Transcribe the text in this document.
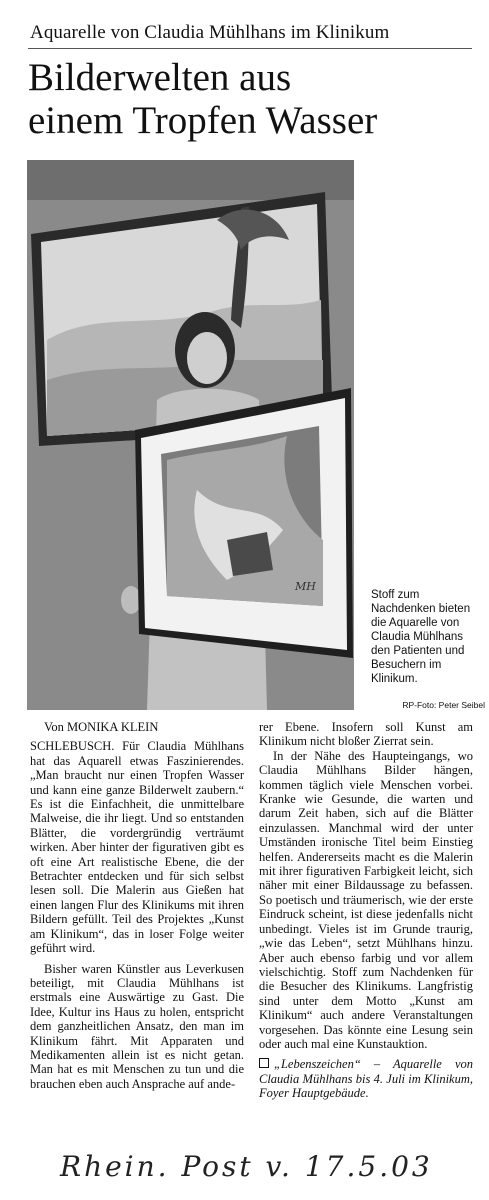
Aquarelle von Claudia Mühlhans im Klinikum
Bilderwelten aus
einem Tropfen Wasser
MH
Stoff zum Nachdenken bieten die Aquarelle von Claudia Mühlhans den Patienten und Besuchern im Klinikum.
RP-Foto: Peter Seibel

Von MONIKA KLEIN

SCHLEBUSCH. Für Claudia Mühlhans hat das Aquarell etwas Faszinierendes. „Man braucht nur einen Tropfen Wasser und kann eine ganze Bilderwelt zaubern.“ Es ist die Einfachheit, die unmittelbare Malweise, die ihr liegt. Und so entstanden Blätter, die vordergründig verträumt wirken. Aber hinter der figurativen gibt es oft eine Art realistische Ebene, die der Betrachter entdecken und für sich selbst lesen soll. Die Malerin aus Gießen hat einen langen Flur des Klinikums mit ihren Bildern gefüllt. Teil des Projektes „Kunst am Klinikum“, das in loser Folge weiter geführt wird.

Bisher waren Künstler aus Leverkusen beteiligt, mit Claudia Mühlhans ist erstmals eine Auswärtige zu Gast. Die Idee, Kultur ins Haus zu holen, entspricht dem ganzheitlichen Ansatz, den man im Klinikum fährt. Mit Apparaten und Medikamenten allein ist es nicht getan. Man hat es mit Menschen zu tun und die brauchen eben auch Ansprache auf ande-

rer Ebene. Insofern soll Kunst am Klinikum nicht bloßer Zierrat sein.

In der Nähe des Haupteingangs, wo Claudia Mühlhans Bilder hängen, kommen täglich viele Menschen vorbei. Kranke wie Gesunde, die warten und darum Zeit haben, sich auf die Blätter einzulassen. Manchmal wird der unter Umständen ironische Titel beim Einstieg helfen. Andererseits macht es die Malerin mit ihrer figurativen Farbigkeit leicht, sich näher mit einer Bildaussage zu befassen. So poetisch und träumerisch, wie der erste Eindruck scheint, ist diese jedenfalls nicht unbedingt. Vieles ist im Grunde traurig, „wie das Leben“, setzt Mühlhans hinzu. Aber auch ebenso farbig und vor allem vielschichtig. Stoff zum Nachdenken für die Besucher des Klinikums. Langfristig sind unter dem Motto „Kunst am Klinikum“ auch andere Veranstaltungen vorgesehen. Das könnte eine Lesung sein oder auch mal eine Kunstauktion.

„Lebenszeichen“ – Aquarelle von Claudia Mühlhans bis 4. Juli im Klinikum, Foyer Hauptgebäude.

Rhein. Post v. 17.5.03
